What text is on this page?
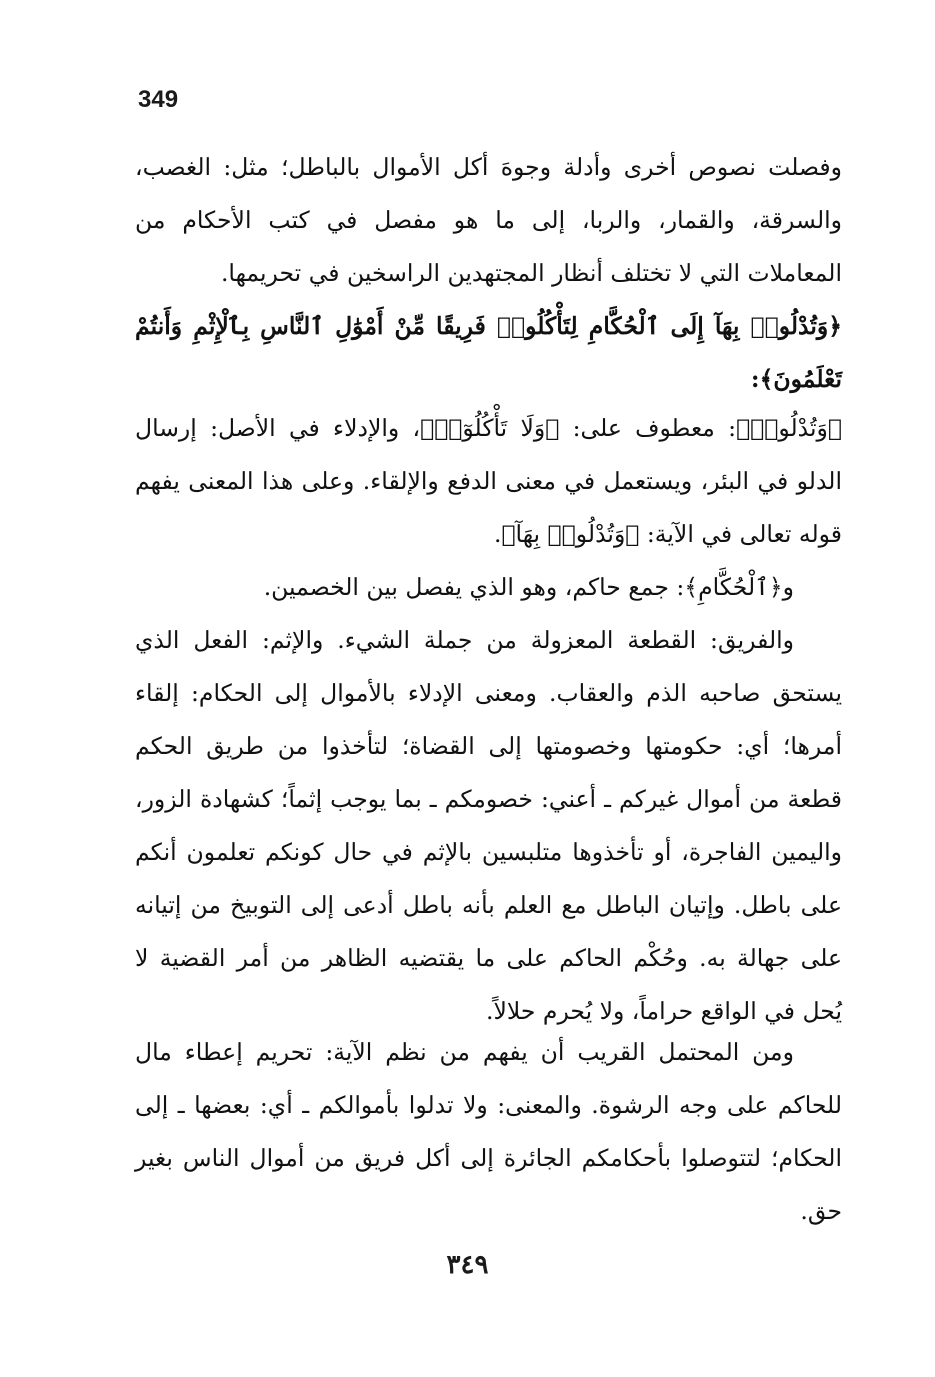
349

وفصلت نصوص أخرى وأدلة وجوهَ أكل الأموال بالباطل؛ مثل: الغصب، والسرقة، والقمار، والربا، إلى ما هو مفصل في كتب الأحكام من المعاملات التي لا تختلف أنظار المجتهدين الراسخين في تحريمها.

﴿وَتُدْلُوا۟ بِهَآ إِلَى ٱلْحُكَّامِ لِتَأْكُلُوا۟ فَرِيقًا مِّنْ أَمْوَٰلِ ٱلنَّاسِ بِٱلْإِثْمِ وَأَنتُمْ تَعْلَمُونَ﴾:

﴿وَتُدْلُوا۟﴾: معطوف على: ﴿وَلَا تَأْكُلُوٓا۟﴾، والإدلاء في الأصل: إرسال الدلو في البئر، ويستعمل في معنى الدفع والإلقاء. وعلى هذا المعنى يفهم قوله تعالى في الآية: ﴿وَتُدْلُوا۟ بِهَآ﴾.

و﴿ٱلْحُكَّامِ﴾: جمع حاكم، وهو الذي يفصل بين الخصمين.

والفريق: القطعة المعزولة من جملة الشيء. والإثم: الفعل الذي يستحق صاحبه الذم والعقاب. ومعنى الإدلاء بالأموال إلى الحكام: إلقاء أمرها؛ أي: حكومتها وخصومتها إلى القضاة؛ لتأخذوا من طريق الحكم قطعة من أموال غيركم ـ أعني: خصومكم ـ بما يوجب إثماً؛ كشهادة الزور، واليمين الفاجرة، أو تأخذوها متلبسين بالإثم في حال كونكم تعلمون أنكم على باطل. وإتيان الباطل مع العلم بأنه باطل أدعى إلى التوبيخ من إتيانه على جهالة به. وحُكْم الحاكم على ما يقتضيه الظاهر من أمر القضية لا يُحل في الواقع حراماً، ولا يُحرم حلالاً.

ومن المحتمل القريب أن يفهم من نظم الآية: تحريم إعطاء مال للحاكم على وجه الرشوة. والمعنى: ولا تدلوا بأموالكم ـ أي: بعضها ـ إلى الحكام؛ لتتوصلوا بأحكامكم الجائرة إلى أكل فريق من أموال الناس بغير حق.

٣٤٩
